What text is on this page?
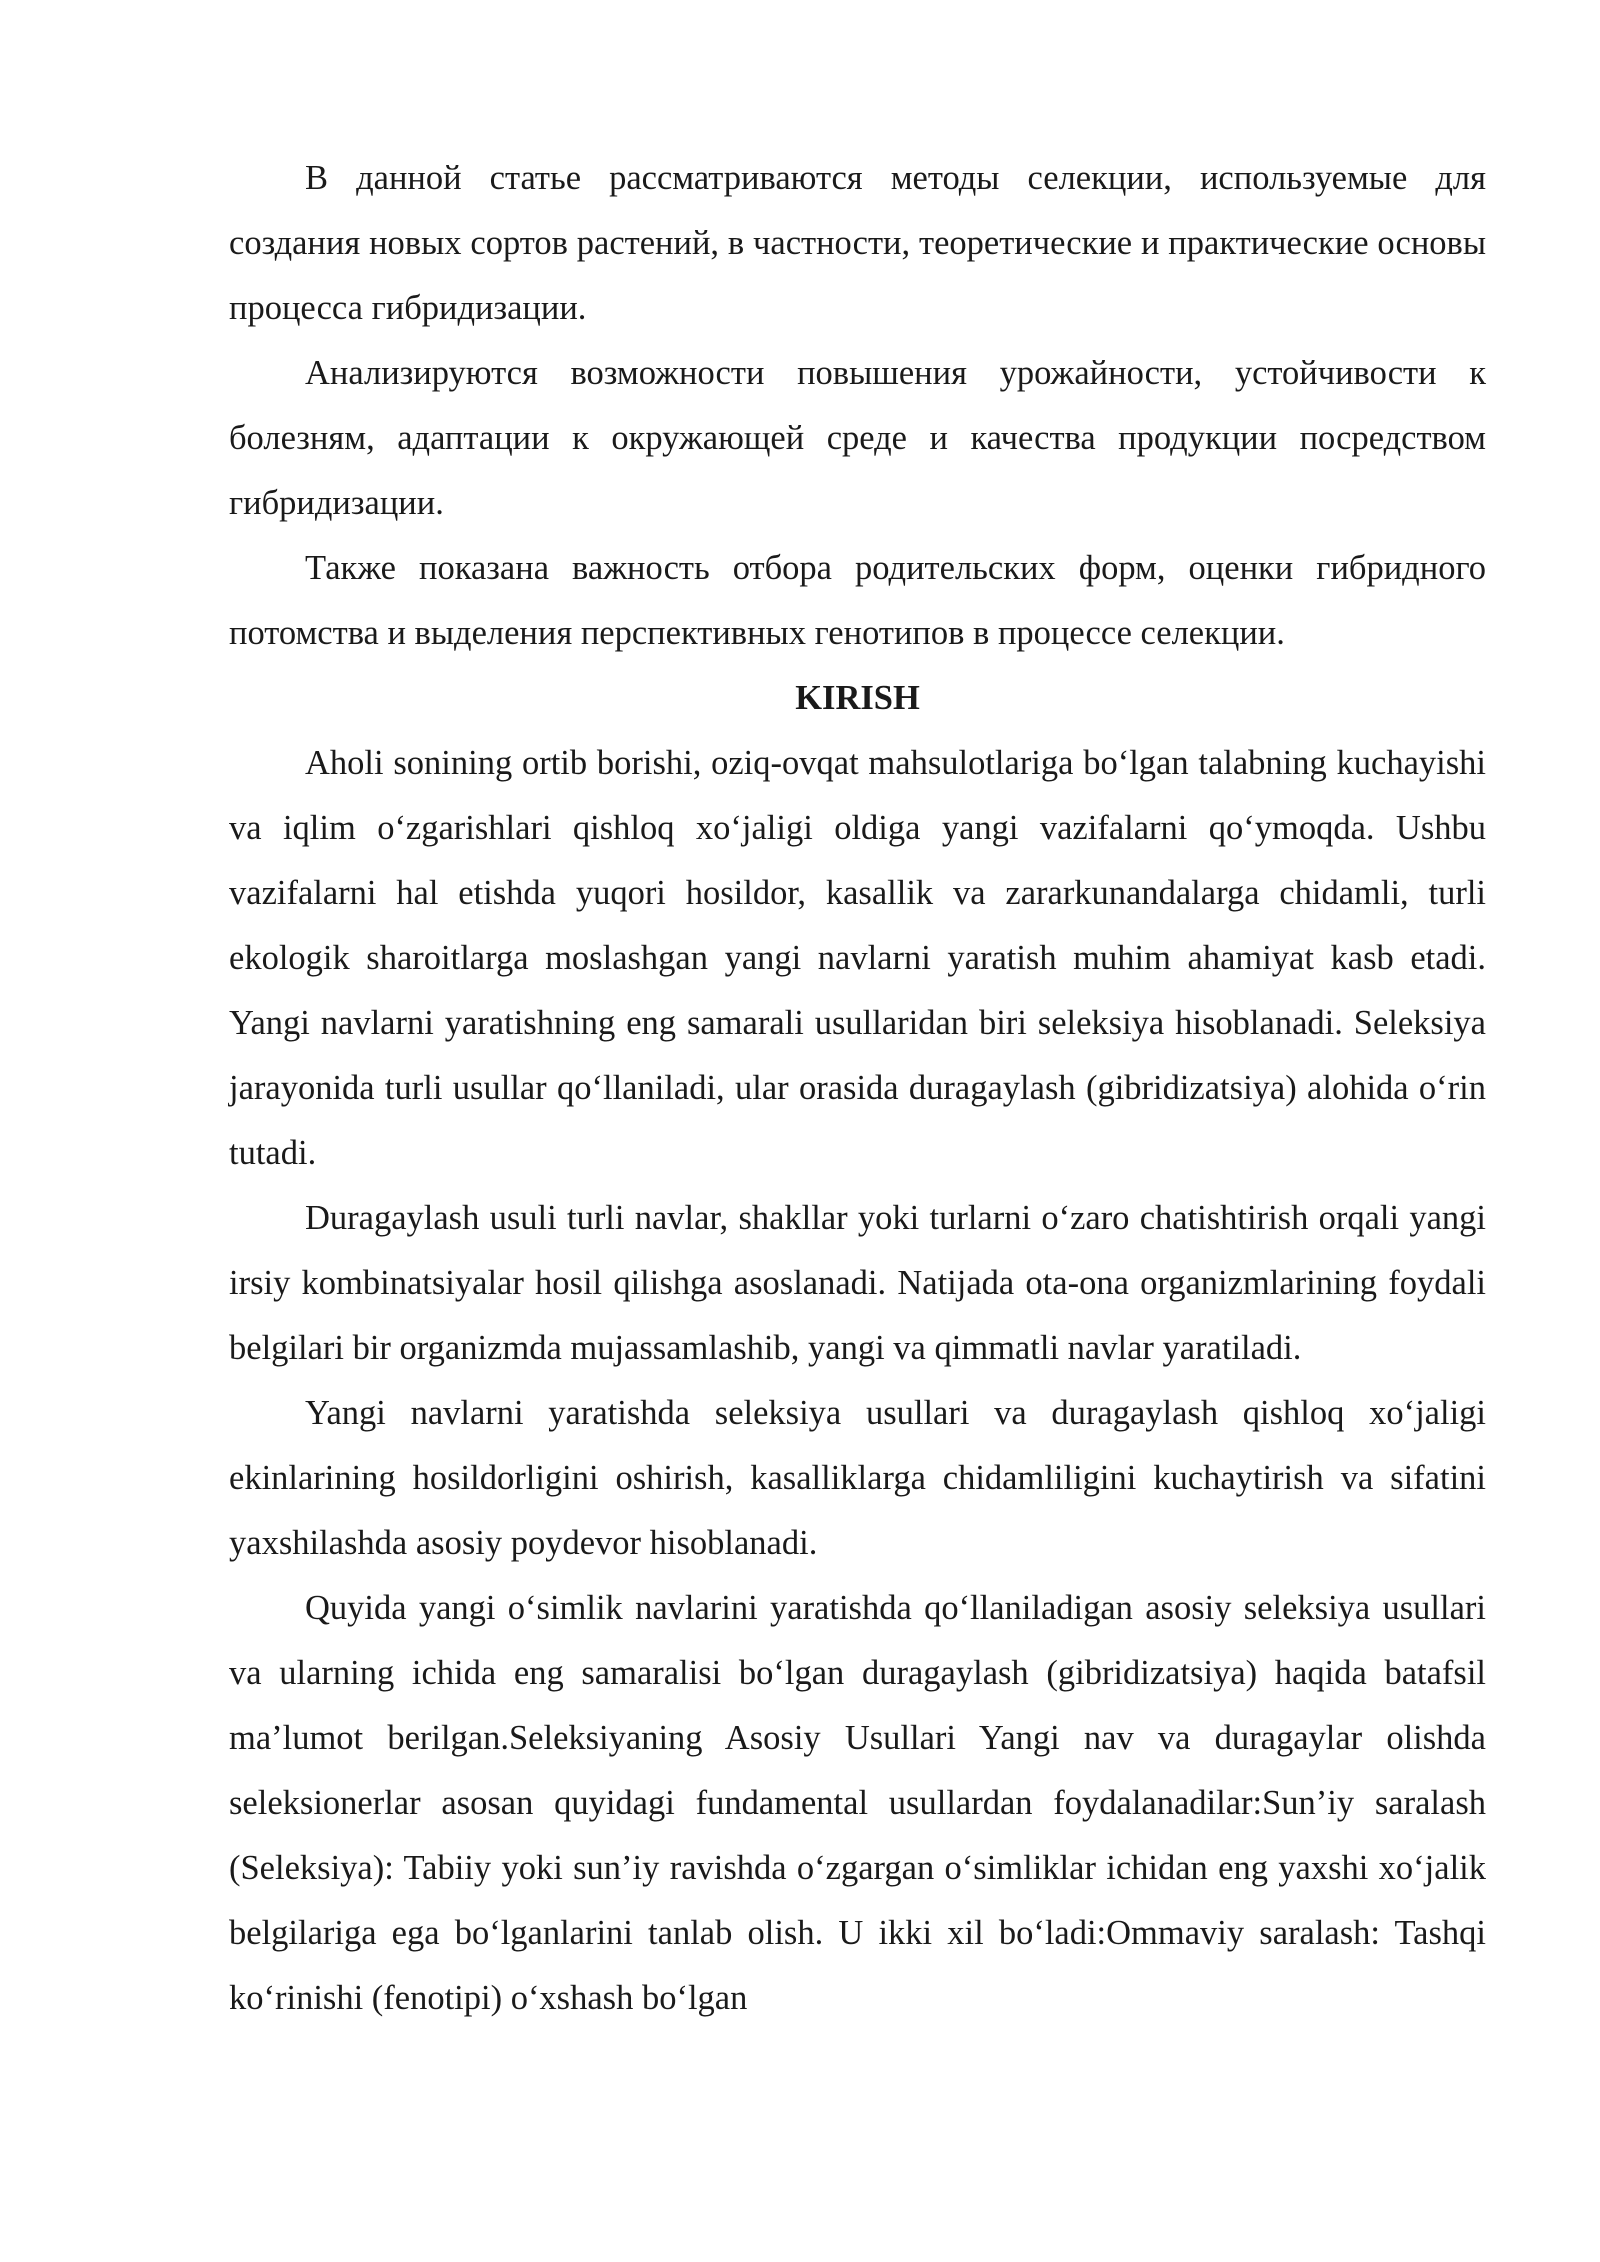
В данной статье рассматриваются методы селекции, используемые для создания новых сортов растений, в частности, теоретические и практические основы процесса гибридизации.

Анализируются возможности повышения урожайности, устойчивости к болезням, адаптации к окружающей среде и качества продукции посредством гибридизации.

Также показана важность отбора родительских форм, оценки гибридного потомства и выделения перспективных генотипов в процессе селекции.

KIRISH

Aholi sonining ortib borishi, oziq-ovqat mahsulotlariga bo‘lgan talabning kuchayishi va iqlim o‘zgarishlari qishloq xo‘jaligi oldiga yangi vazifalarni qo‘ymoqda. Ushbu vazifalarni hal etishda yuqori hosildor, kasallik va zararkunandalarga chidamli, turli ekologik sharoitlarga moslashgan yangi navlarni yaratish muhim ahamiyat kasb etadi. Yangi navlarni yaratishning eng samarali usullaridan biri seleksiya hisoblanadi. Seleksiya jarayonida turli usullar qo‘llaniladi, ular orasida duragaylash (gibridizatsiya) alohida o‘rin tutadi.

Duragaylash usuli turli navlar, shakllar yoki turlarni o‘zaro chatishtirish orqali yangi irsiy kombinatsiyalar hosil qilishga asoslanadi. Natijada ota-ona organizmlarining foydali belgilari bir organizmda mujassamlashib, yangi va qimmatli navlar yaratiladi.

Yangi navlarni yaratishda seleksiya usullari va duragaylash qishloq xo‘jaligi ekinlarining hosildorligini oshirish, kasalliklarga chidamliligini kuchaytirish va sifatini yaxshilashda asosiy poydevor hisoblanadi.

Quyida yangi o‘simlik navlarini yaratishda qo‘llaniladigan asosiy seleksiya usullari va ularning ichida eng samaralisi bo‘lgan duragaylash (gibridizatsiya) haqida batafsil ma’lumot berilgan.Seleksiyaning Asosiy Usullari Yangi nav va duragaylar olishda seleksionerlar asosan quyidagi fundamental usullardan foydalanadilar:Sun’iy saralash (Seleksiya): Tabiiy yoki sun’iy ravishda o‘zgargan o‘simliklar ichidan eng yaxshi xo‘jalik belgilariga ega bo‘lganlarini tanlab olish. U ikki xil bo‘ladi:Ommaviy saralash: Tashqi ko‘rinishi (fenotipi) o‘xshash bo‘lgan
